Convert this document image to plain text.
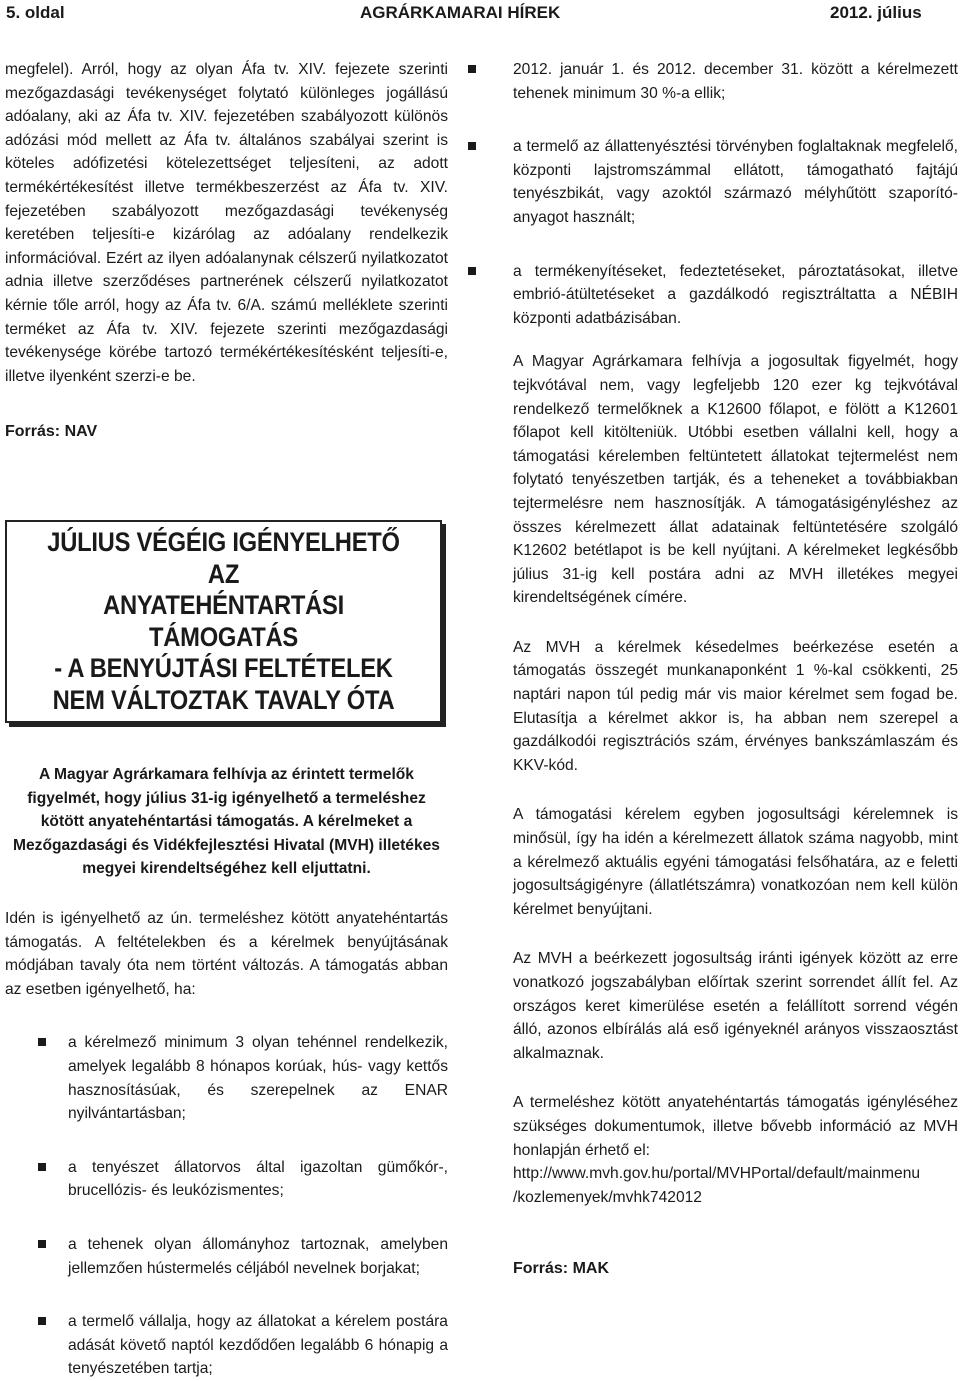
5. oldal	AGRÁRKAMARAI HÍREK	2012. július

megfelel). Arról, hogy az olyan Áfa tv. XIV. fejezete szerinti mezőgazdasági tevékenységet folytató különleges jogállású adóalany, aki az Áfa tv. XIV. fejezetében szabályozott különös adózási mód mellett az Áfa tv. általános szabályai szerint is köteles adófizetési kötelezettséget teljesíteni, az adott termékértékesítést illetve termékbeszerzést az Áfa tv. XIV. fejezetében szabályozott mezőgazdasági tevékenység keretében teljesíti-e kizárólag az adóalany rendelkezik információval. Ezért az ilyen adóalanynak célszerű nyilatkozatot adnia illetve szerződéses partnerének célszerű nyilatkozatot kérnie tőle arról, hogy az Áfa tv. 6/A. számú melléklete szerinti terméket az Áfa tv. XIV. fejezete szerinti mezőgazdasági tevékenysége körébe tartozó termékértékesítésként teljesíti-e, illetve ilyenként szerzi-e be.

Forrás: NAV

JÚLIUS VÉGÉIG IGÉNYELHETŐ AZ
ANYATEHÉNTARTÁSI
TÁMOGATÁS
- A BENYÚJTÁSI FELTÉTELEK
NEM VÁLTOZTAK TAVALY ÓTA
A Magyar Agrárkamara felhívja az érintett termelők figyelmét, hogy július 31-ig igényelhető a termeléshez kötött anyatehéntartási támogatás. A kérelmeket a Mezőgazdasági és Vidékfejlesztési Hivatal (MVH) illetékes megyei kirendeltségéhez kell eljuttatni.

Idén is igényelhető az ún. termeléshez kötött anyatehéntartás támogatás. A feltételekben és a kérelmek benyújtásának módjában tavaly óta nem történt változás. A támogatás abban az esetben igényelhető, ha:

a kérelmező minimum 3 olyan tehénnel rendelkezik, amelyek legalább 8 hónapos korúak, hús- vagy kettős hasznosításúak, és szerepelnek az ENAR nyilvántartásban;

a tenyészet állatorvos által igazoltan gümőkór-, brucellózis- és leukózismentes;

a tehenek olyan állományhoz tartoznak, amelyben jellemzően hústermelés céljából nevelnek borjakat;

a termelő vállalja, hogy az állatokat a kérelem postára adását követő naptól kezdődően legalább 6 hónapig a tenyészetében tartja;

2012. január 1. és 2012. december 31. között a kérelmezett tehenek minimum 30 %-a ellik;

a termelő az állattenyésztési törvényben foglaltaknak megfelelő, központi lajstromszámmal ellátott, támogatható fajtájú tenyészbikát, vagy azoktól származó mélyhűtött szaporító-anyagot használt;

a termékenyítéseket, fedeztetéseket, pároztatásokat, illetve embrió-átültetéseket a gazdálkodó regisztráltatta a NÉBIH központi adatbázisában.

A Magyar Agrárkamara felhívja a jogosultak figyelmét, hogy tejkvótával nem, vagy legfeljebb 120 ezer kg tejkvótával rendelkező termelőknek a K12600 főlapot, e fölött a K12601 főlapot kell kitölteniük. Utóbbi esetben vállalni kell, hogy a támogatási kérelemben feltüntetett állatokat tejtermelést nem folytató tenyészetben tartják, és a teheneket a továbbiakban tejtermelésre nem hasznosítják. A támogatásigényléshez az összes kérelmezett állat adatainak feltüntetésére szolgáló K12602 betétlapot is be kell nyújtani. A kérelmeket legkésőbb július 31-ig kell postára adni az MVH illetékes megyei kirendeltségének címére.

Az MVH a kérelmek késedelmes beérkezése esetén a támogatás összegét munkanaponként 1 %-kal csökkenti, 25 naptári napon túl pedig már vis maior kérelmet sem fogad be. Elutasítja a kérelmet akkor is, ha abban nem szerepel a gazdálkodói regisztrációs szám, érvényes bankszámlaszám és KKV-kód.

A támogatási kérelem egyben jogosultsági kérelemnek is minősül, így ha idén a kérelmezett állatok száma nagyobb, mint a kérelmező aktuális egyéni támogatási felsőhatára, az e feletti jogosultságigényre (állatlétszámra) vonatkozóan nem kell külön kérelmet benyújtani.

Az MVH a beérkezett jogosultság iránti igények között az erre vonatkozó jogszabályban előírtak szerint sorrendet állít fel. Az országos keret kimerülése esetén a felállított sorrend végén álló, azonos elbírálás alá eső igényeknél arányos visszaosztást alkalmaznak.

A termeléshez kötött anyatehéntartás támogatás igényléséhez szükséges dokumentumok, illetve bővebb információ az MVH honlapján érhető el:

http://www.mvh.gov.hu/portal/MVHPortal/default/mainmenu

/kozlemenyek/mvhk742012

Forrás: MAK
